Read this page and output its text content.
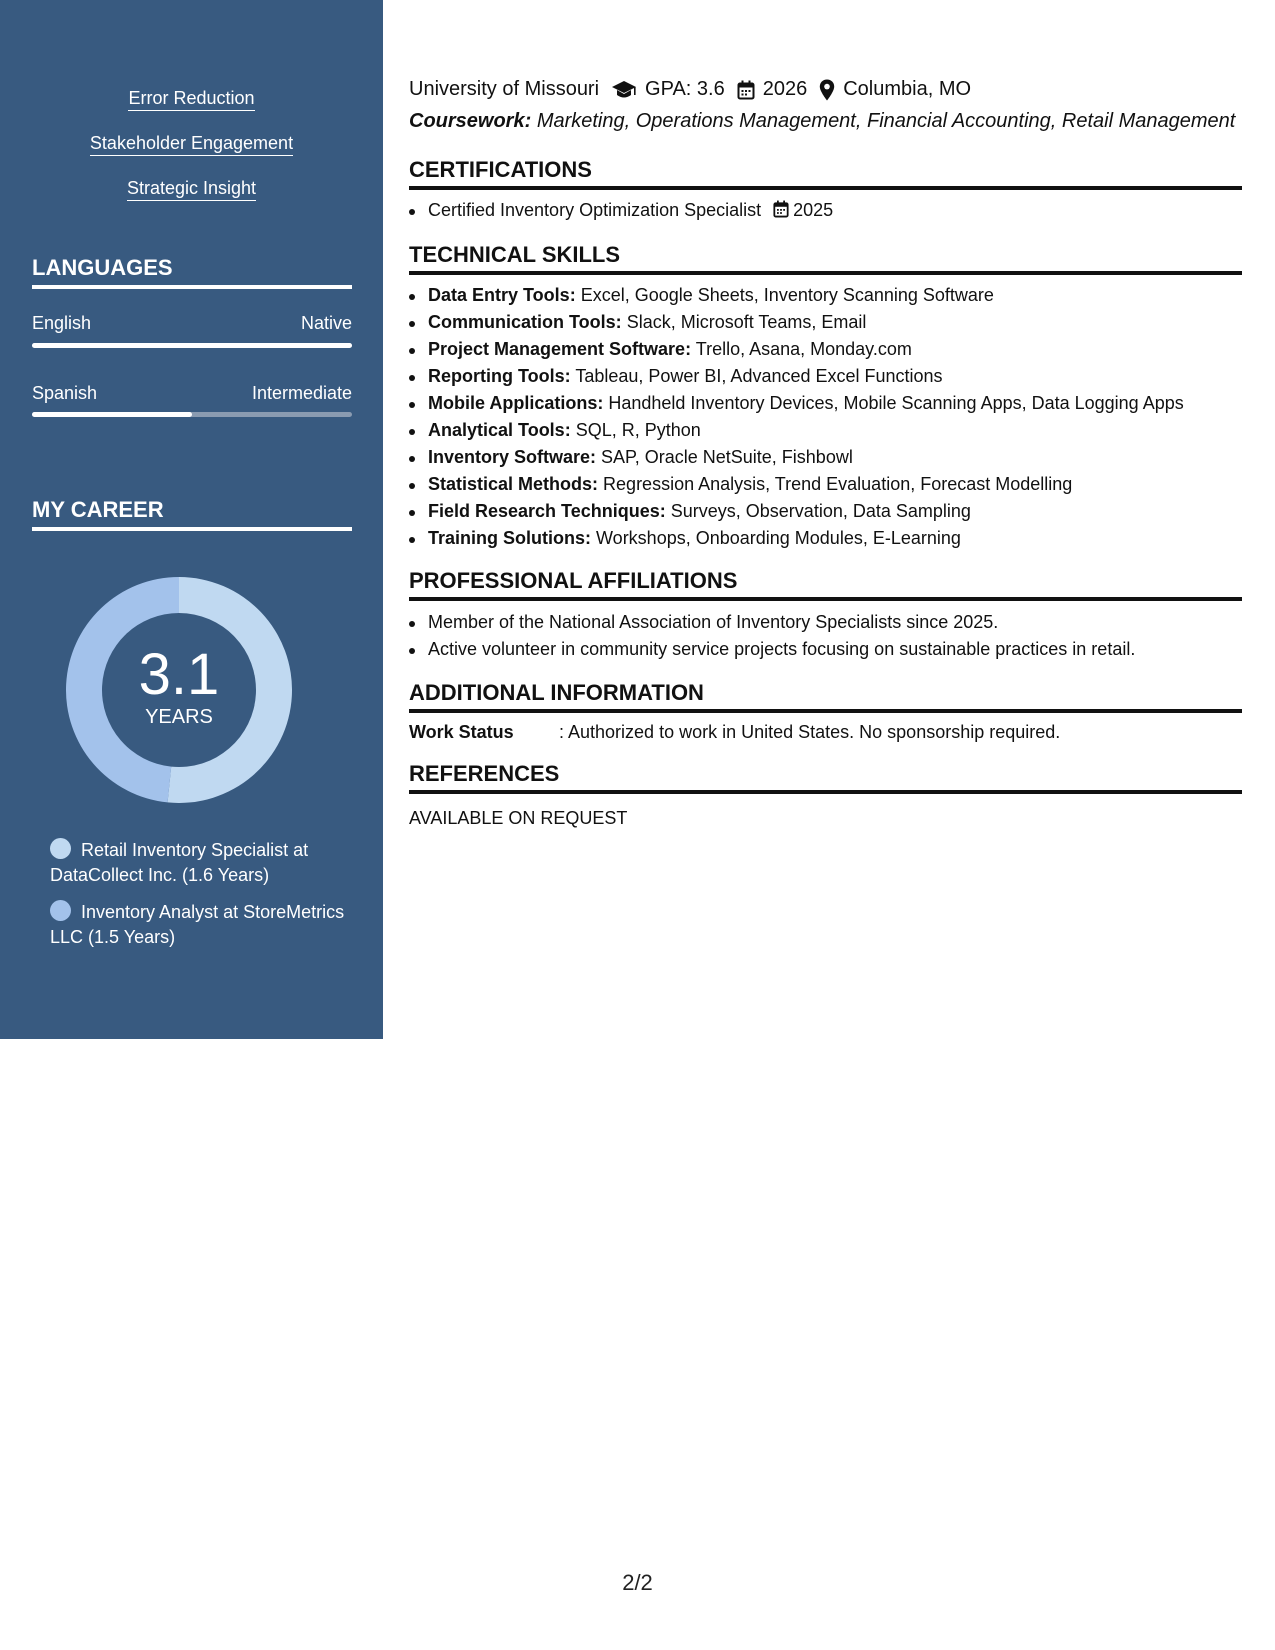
Error Reduction
Stakeholder Engagement
Strategic Insight
LANGUAGES
English	Native
Spanish	Intermediate
MY CAREER
3.1
YEARS
Retail Inventory Specialist at DataCollect Inc. (1.6 Years)
Inventory Analyst at StoreMetrics LLC (1.5 Years)
University of Missouri GPA: 3.6 2026 Columbia, MO
Coursework: Marketing, Operations Management, Financial Accounting, Retail Management
CERTIFICATIONS
Certified Inventory Optimization Specialist 2025
TECHNICAL SKILLS
Data Entry Tools: Excel, Google Sheets, Inventory Scanning Software
Communication Tools: Slack, Microsoft Teams, Email
Project Management Software: Trello, Asana, Monday.com
Reporting Tools: Tableau, Power BI, Advanced Excel Functions
Mobile Applications: Handheld Inventory Devices, Mobile Scanning Apps, Data Logging Apps
Analytical Tools: SQL, R, Python
Inventory Software: SAP, Oracle NetSuite, Fishbowl
Statistical Methods: Regression Analysis, Trend Evaluation, Forecast Modelling
Field Research Techniques: Surveys, Observation, Data Sampling
Training Solutions: Workshops, Onboarding Modules, E-Learning
PROFESSIONAL AFFILIATIONS
Member of the National Association of Inventory Specialists since 2025.
Active volunteer in community service projects focusing on sustainable practices in retail.
ADDITIONAL INFORMATION
Work Status	: Authorized to work in United States. No sponsorship required.
REFERENCES
AVAILABLE ON REQUEST
2/2
